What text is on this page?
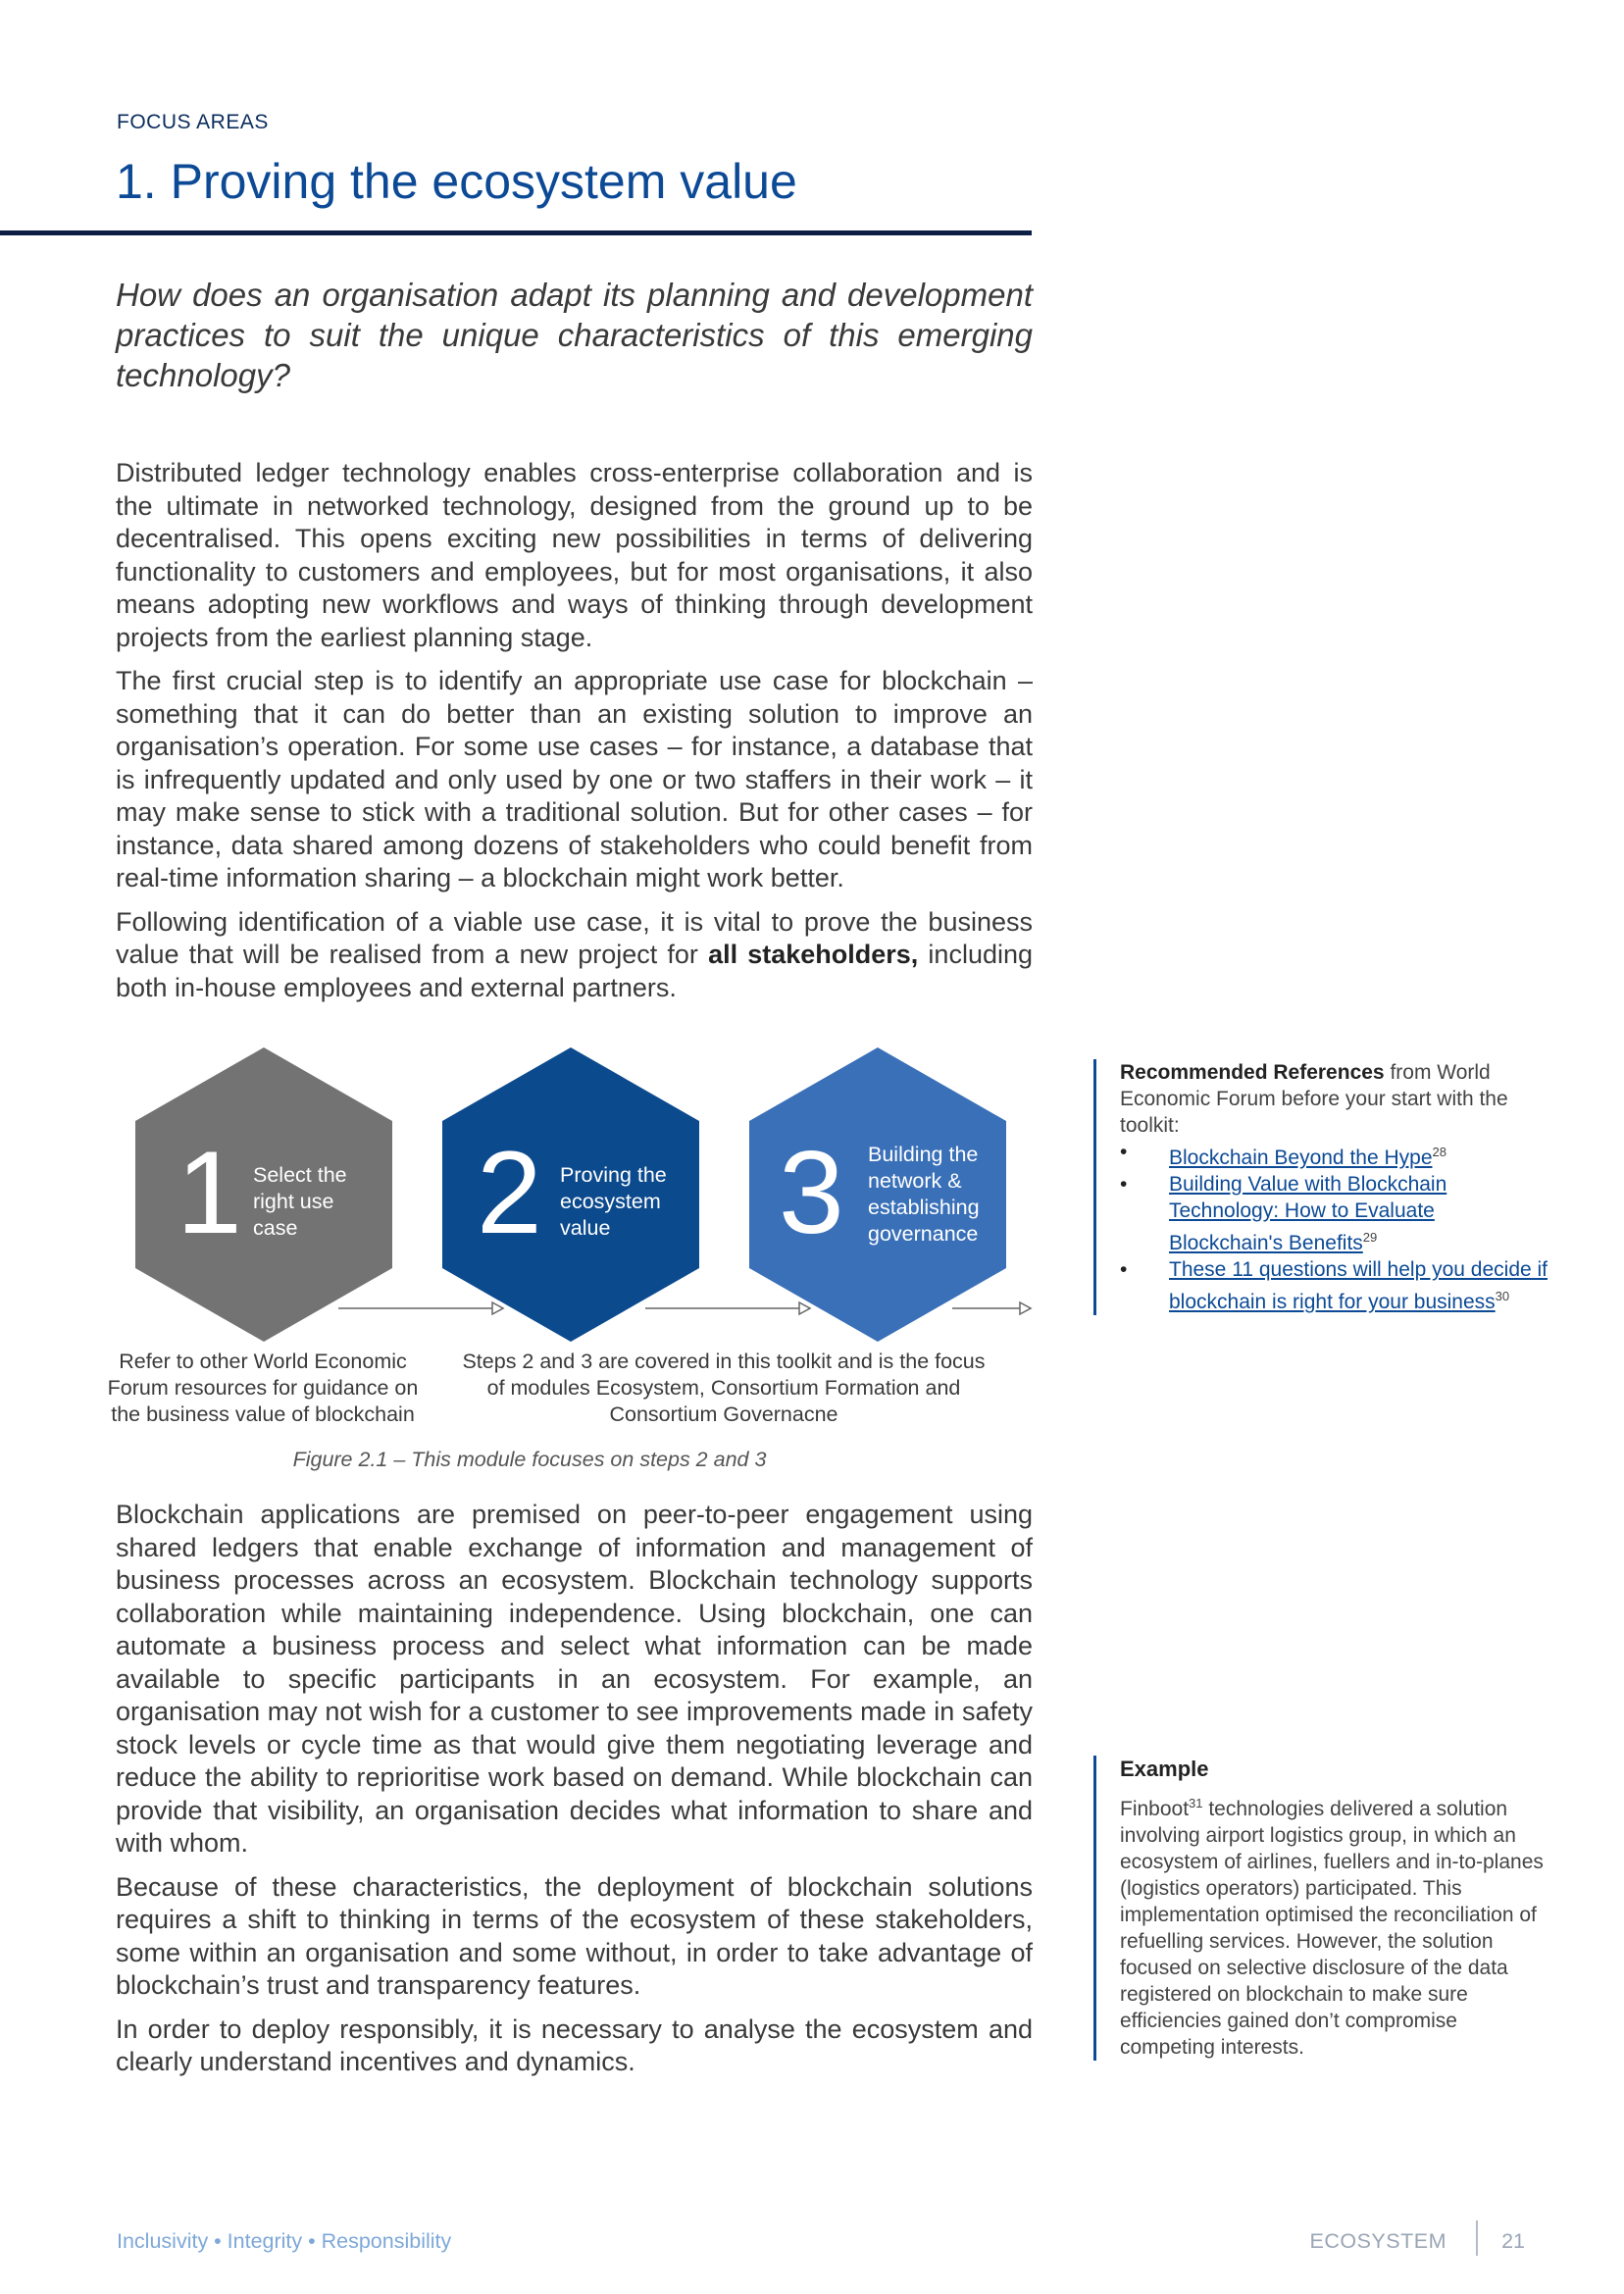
FOCUS AREAS
1. Proving the ecosystem value

How does an organisation adapt its planning and development practices to suit the unique characteristics of this emerging technology?

Distributed ledger technology enables cross-enterprise collaboration and is the ultimate in networked technology, designed from the ground up to be decentralised. This opens exciting new possibilities in terms of delivering functionality to customers and employees, but for most organisations, it also means adopting new workflows and ways of thinking through development projects from the earliest planning stage.

The first crucial step is to identify an appropriate use case for blockchain – something that it can do better than an existing solution to improve an organisation’s operation. For some use cases – for instance, a database that is infrequently updated and only used by one or two staffers in their work – it may make sense to stick with a traditional solution. But for other cases – for instance, data shared among dozens of stakeholders who could benefit from real-time information sharing – a blockchain might work better.

Following identification of a viable use case, it is vital to prove the business value that will be realised from a new project for all stakeholders, including both in-house employees and external partners.

1 Select the right use case	2 Proving the ecosystem value	3 Building the network & establishing governance
Refer to other World Economic
Forum resources for guidance on
the business value of blockchain
Steps 2 and 3 are covered in this toolkit and is the focus
of modules Ecosystem, Consortium Formation and
Consortium Governacne
Figure 2.1 – This module focuses on steps 2 and 3

Blockchain applications are premised on peer-to-peer engagement using shared ledgers that enable exchange of information and management of business processes across an ecosystem. Blockchain technology supports collaboration while maintaining independence. Using blockchain, one can automate a business process and select what information can be made available to specific participants in an ecosystem. For example, an organisation may not wish for a customer to see improvements made in safety stock levels or cycle time as that would give them negotiating leverage and reduce the ability to reprioritise work based on demand. While blockchain can provide that visibility, an organisation decides what information to share and with whom.

Because of these characteristics, the deployment of blockchain solutions requires a shift to thinking in terms of the ecosystem of these stakeholders, some within an organisation and some without, in order to take advantage of blockchain’s trust and transparency features.

In order to deploy responsibly, it is necessary to analyse the ecosystem and clearly understand incentives and dynamics.

Recommended References from World Economic Forum before your start with the toolkit:
• Blockchain Beyond the Hype$^{28}$
• Building Value with Blockchain Technology: How to Evaluate Blockchain's Benefits$^{29}$
• These 11 questions will help you decide if blockchain is right for your business$^{30}$
Example
Finboot$^{31}$ technologies delivered a solution involving airport logistics group, in which an ecosystem of airlines, fuellers and in-to-planes (logistics operators) participated. This implementation optimised the reconciliation of refuelling services. However, the solution focused on selective disclosure of the data registered on blockchain to make sure efficiencies gained don’t compromise competing interests.
Inclusivity • Integrity • Responsibility	ECOSYSTEM	21
